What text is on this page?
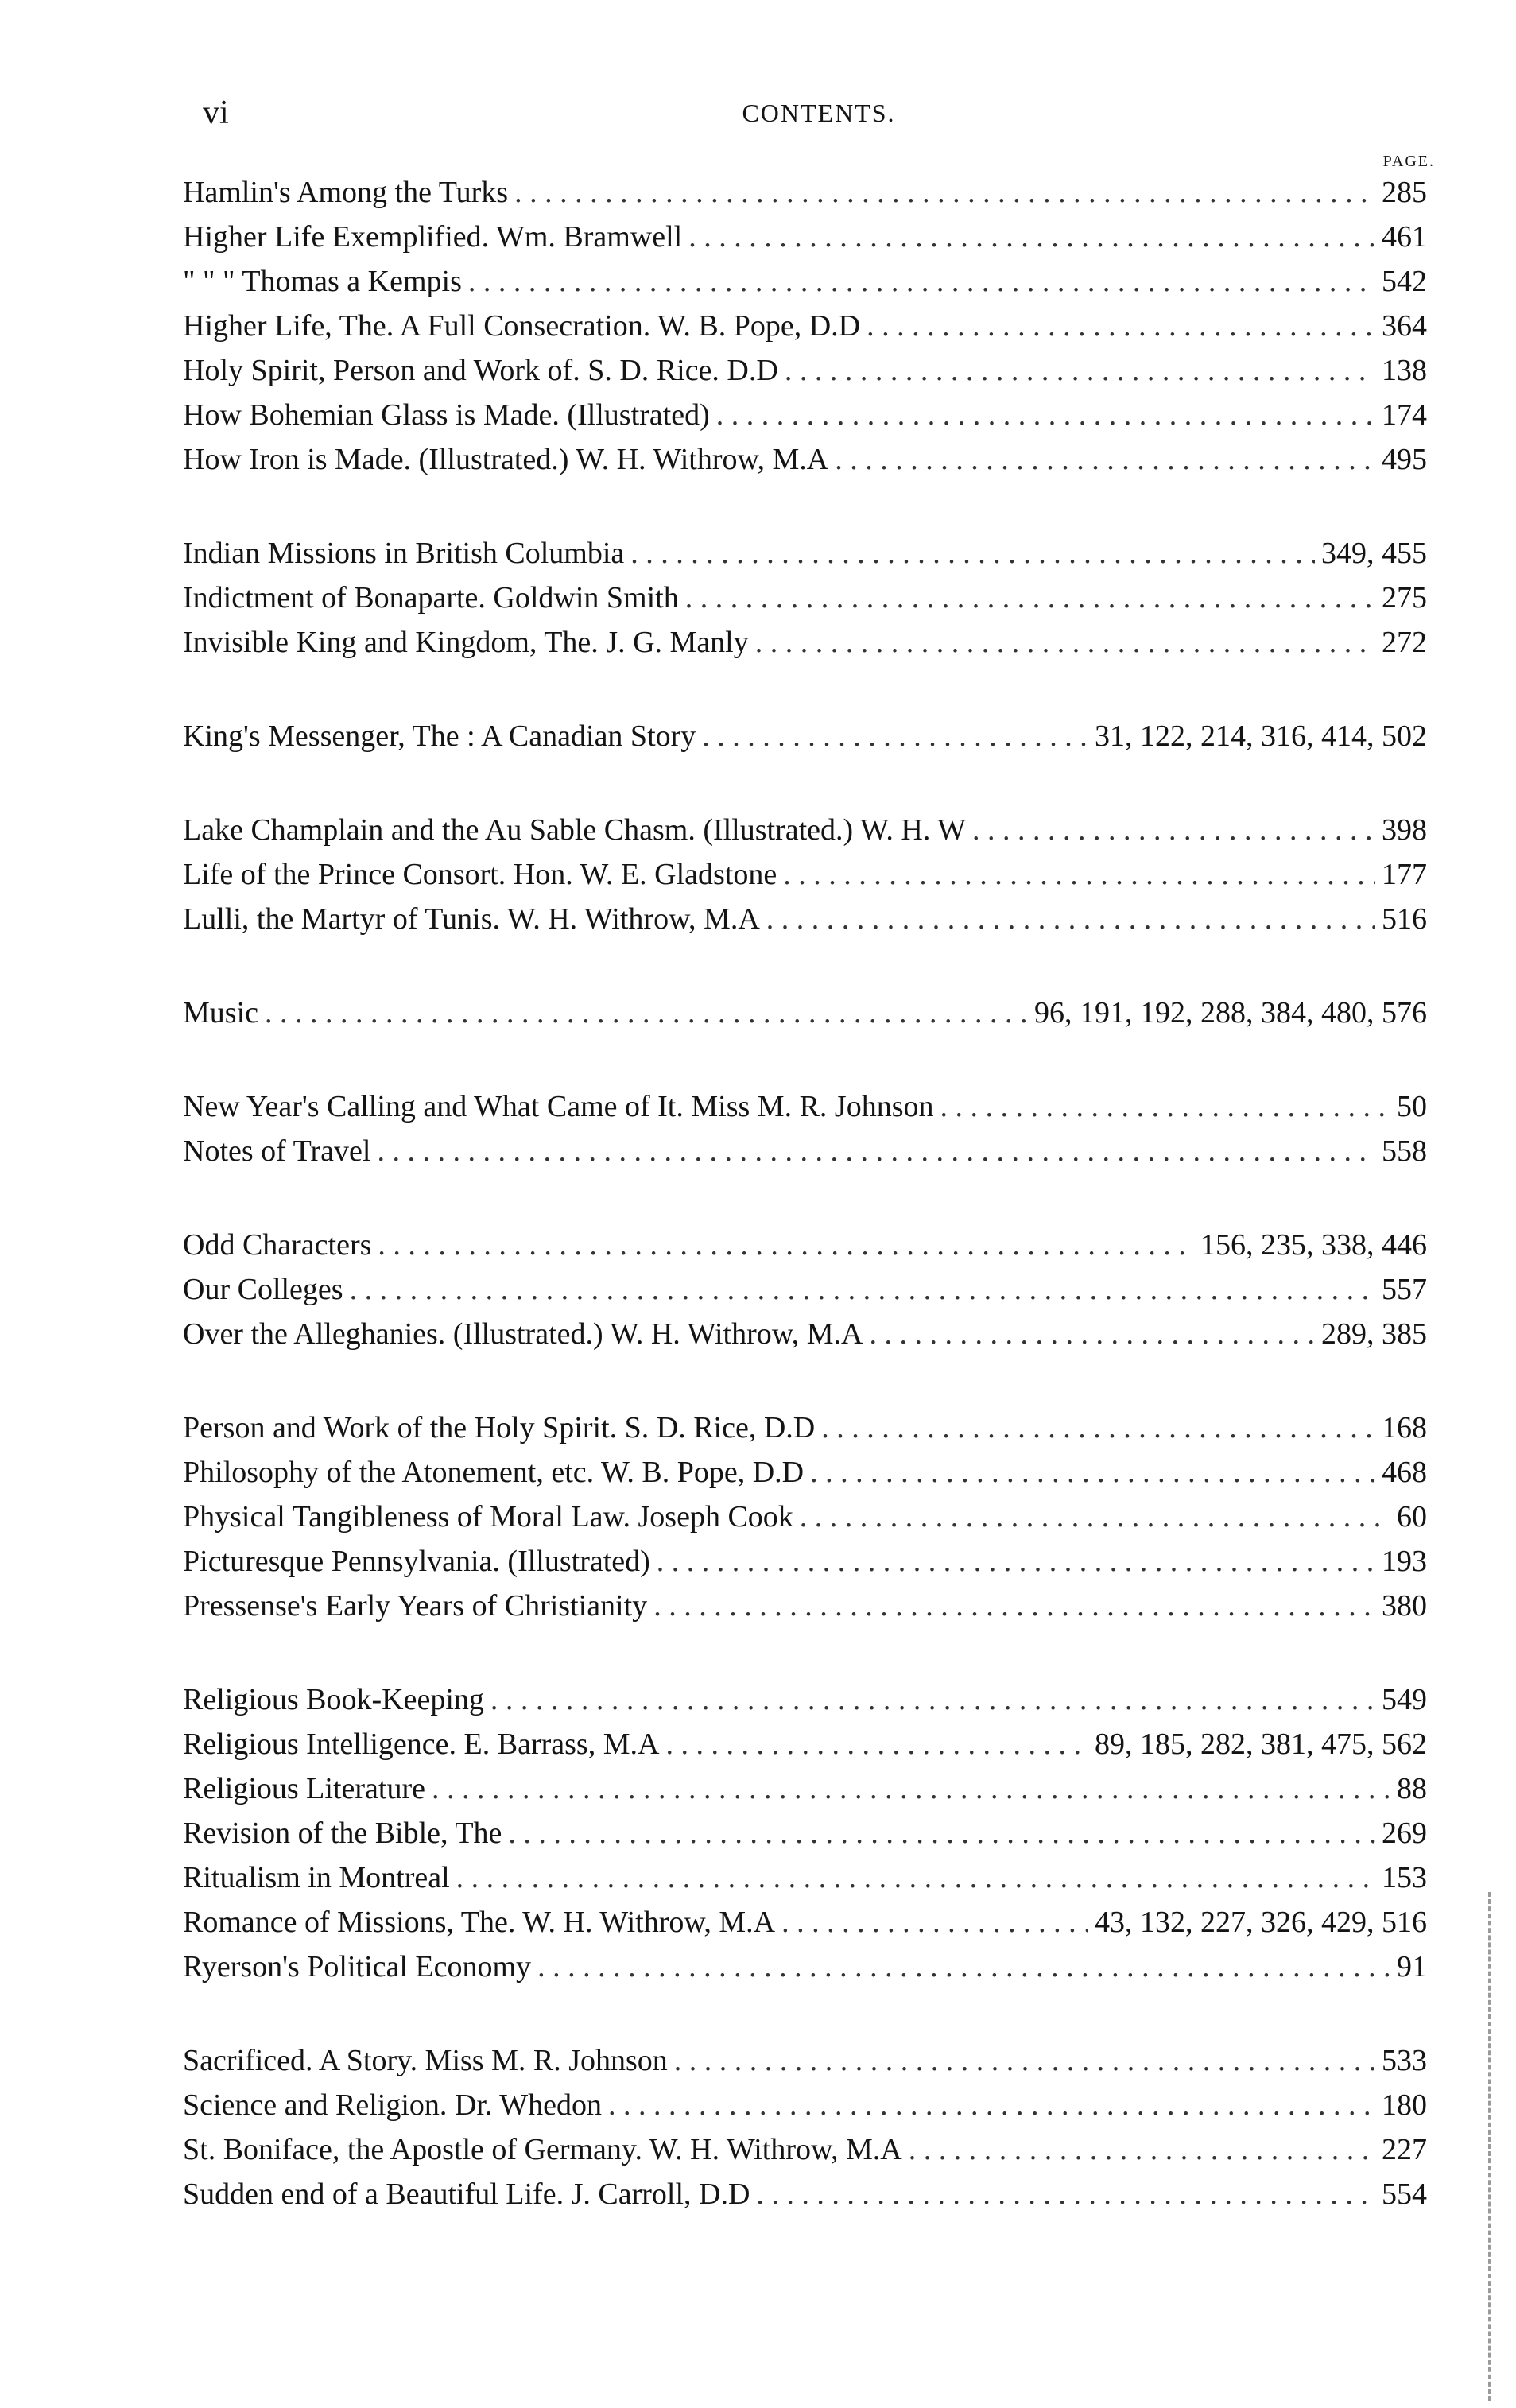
vi	CONTENTS.
PAGE.
Hamlin's Among the Turks . . .	285
Higher Life Exemplified. Wm. Bramwell . . .	461
" " " Thomas a Kempis . . .	542
Higher Life, The. A Full Consecration. W. B. Pope, D.D . . .	364
Holy Spirit, Person and Work of. S. D. Rice. D.D . . .	138
How Bohemian Glass is Made. (Illustrated) . . .	174
How Iron is Made. (Illustrated.) W. H. Withrow, M.A . . .	495
Indian Missions in British Columbia . . .	349, 455
Indictment of Bonaparte. Goldwin Smith . . .	275
Invisible King and Kingdom, The. J. G. Manly . . .	272
King's Messenger, The : A Canadian Story . . .	31, 122, 214, 316, 414, 502
Lake Champlain and the Au Sable Chasm. (Illustrated.) W. H. W . . .	398
Life of the Prince Consort. Hon. W. E. Gladstone . . .	177
Lulli, the Martyr of Tunis. W. H. Withrow, M.A . . .	516
Music . . .	96, 191, 192, 288, 384, 480, 576
New Year's Calling and What Came of It. Miss M. R. Johnson . . .	50
Notes of Travel . . .	558
Odd Characters . . .	156, 235, 338, 446
Our Colleges . . .	557
Over the Alleghanies. (Illustrated.) W. H. Withrow, M.A . . .	289, 385
Person and Work of the Holy Spirit. S. D. Rice, D.D . . .	168
Philosophy of the Atonement, etc. W. B. Pope, D.D . . .	468
Physical Tangibleness of Moral Law. Joseph Cook . . .	60
Picturesque Pennsylvania. (Illustrated) . . .	193
Pressense's Early Years of Christianity . . .	380
Religious Book-Keeping . . .	549
Religious Intelligence. E. Barrass, M.A . . .	89, 185, 282, 381, 475, 562
Religious Literature . . .	88
Revision of the Bible, The . . .	269
Ritualism in Montreal . . .	153
Romance of Missions, The. W. H. Withrow, M.A . . .	43, 132, 227, 326, 429, 516
Ryerson's Political Economy . . .	91
Sacrificed. A Story. Miss M. R. Johnson . . .	533
Science and Religion. Dr. Whedon . . .	180
St. Boniface, the Apostle of Germany. W. H. Withrow, M.A . . .	227
Sudden end of a Beautiful Life. J. Carroll, D.D . . .	554
